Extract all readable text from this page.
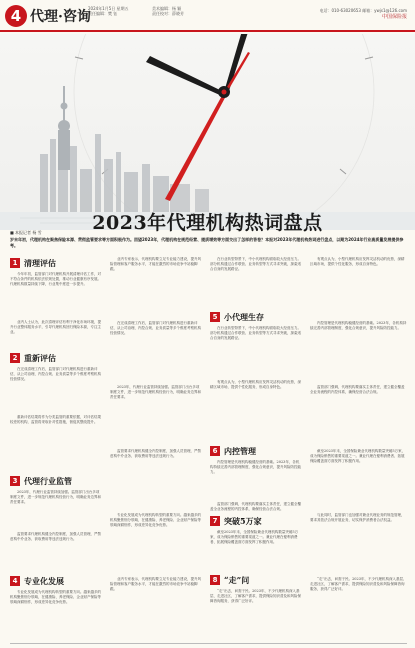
4 代理·咨询
2024年1月5日 星期五
责任编辑：樊 钰
美术编辑：杨 颖
责任校对：薛晓芳
电话：010-63020653 邮箱：ywjs1@126.com
中国保险报
2023年代理机构热词盘点
■ 本报记者 杨 雪
岁末年初，代理机构在聚焦保险本源、贯彻监管要求等方面积极作为。回望2023年，代理机构在规范经营、提质增效等方面交出了怎样的答卷？本报对2023年代理机构热词进行盘点，以期为2024年行业高质量发展提供参考。
1 清理评估
今年年初，监管部门对代理机构开展清理评估工作，对不符合条件的机构依法依规处置，推动行业健康有序发展。代理机构数量持续下降，行业集中度进一步提升。
业内人士认为，此次清理评估有利于净化市场环境，提升行业整体服务水平，引导代理机构回归保险本源，专注主业。
2 重新评估
在完成清理工作后，监管部门对代理机构进行重新评估，从公司治理、内控合规、业务质量等多个维度考察机构经营情况。
重新评估结果将作为分类监管的重要依据，对评估结果较差的机构，监管将采取针对性措施，督促其整改提升。
3 代理行业监管
2023年，代理行业监管持续加强。监管部门出台多项制度文件，进一步规范代理机构经营行为，明确业务边界和责任要求。
监管要求代理机构健全内控制度，加强人员管理，严禁虚构中介业务、套取费用等违法违规行为。
4 专业化发展
专业化发展成为代理机构转型的重要方向。越来越多的机构聚焦细分领域，在健康险、养老保险、企业财产保险等领域深耕细作，形成差异化竞争优势。
业内专家表示，代理机构要立足专业能力建设，提升风险管理和客户服务水平，才能在激烈的市场竞争中站稳脚跟。
在完成清理工作后，监管部门对代理机构进行重新评估，从公司治理、内控合规、业务质量等多个维度考察机构经营情况。
2023年，代理行业监管持续加强。监管部门出台多项制度文件，进一步规范代理机构经营行为，明确业务边界和责任要求。
监管要求代理机构健全内控制度，加强人员管理，严禁虚构中介业务、套取费用等违法违规行为。
专业化发展成为代理机构转型的重要方向。越来越多的机构聚焦细分领域，在健康险、养老保险、企业财产保险等领域深耕细作，形成差异化竞争优势。
业内专家表示，代理机构要立足专业能力建设，提升风险管理和客户服务水平，才能在激烈的市场竞争中站稳脚跟。
在行业转型背景下，中小代理机构面临较大经营压力。部分机构通过合作联营、业务转型等方式寻求突破，探索适合自身的发展路径。
5 小代理生存
在行业转型背景下，中小代理机构面临较大经营压力。部分机构通过合作联营、业务转型等方式寻求突破，探索适合自身的发展路径。
有观点认为，小型代理机构应发挥灵活机动的优势，深耕区域市场，提供个性化服务，形成自身特色。
6 内控管理
内控管理是代理机构稳健经营的基础。2023年，各机构持续完善内部管理制度，强化合规意识，提升风险防控能力。
监管部门强调，代理机构要落实主体责任，建立健全覆盖全业务流程的内控体系，确保经营合法合规。
7 突破5万家
截至2023年末，全国保险兼业代理机构数量突破5万家，成为保险销售的重要渠道之一。兼业代理在便利消费者、拓展保险覆盖面方面发挥了积极作用。
8 “走”问
“走”出去，问需于民。2023年，不少代理机构深入基层、走进社区，了解客户需求，提供保险知识普及和风险保障咨询服务，获得广泛好评。
有观点认为，小型代理机构应发挥灵活机动的优势，深耕区域市场，提供个性化服务，形成自身特色。
内控管理是代理机构稳健经营的基础。2023年，各机构持续完善内部管理制度，强化合规意识，提升风险防控能力。
监管部门强调，代理机构要落实主体责任，建立健全覆盖全业务流程的内控体系，确保经营合法合规。
截至2023年末，全国保险兼业代理机构数量突破5万家，成为保险销售的重要渠道之一。兼业代理在便利消费者、拓展保险覆盖面方面发挥了积极作用。
与此同时，监管部门也加强对兼业代理业务的规范管理，要求其依法合规开展业务，切实保护消费者合法权益。
“走”出去，问需于民。2023年，不少代理机构深入基层、走进社区，了解客户需求，提供保险知识普及和风险保障咨询服务，获得广泛好评。
